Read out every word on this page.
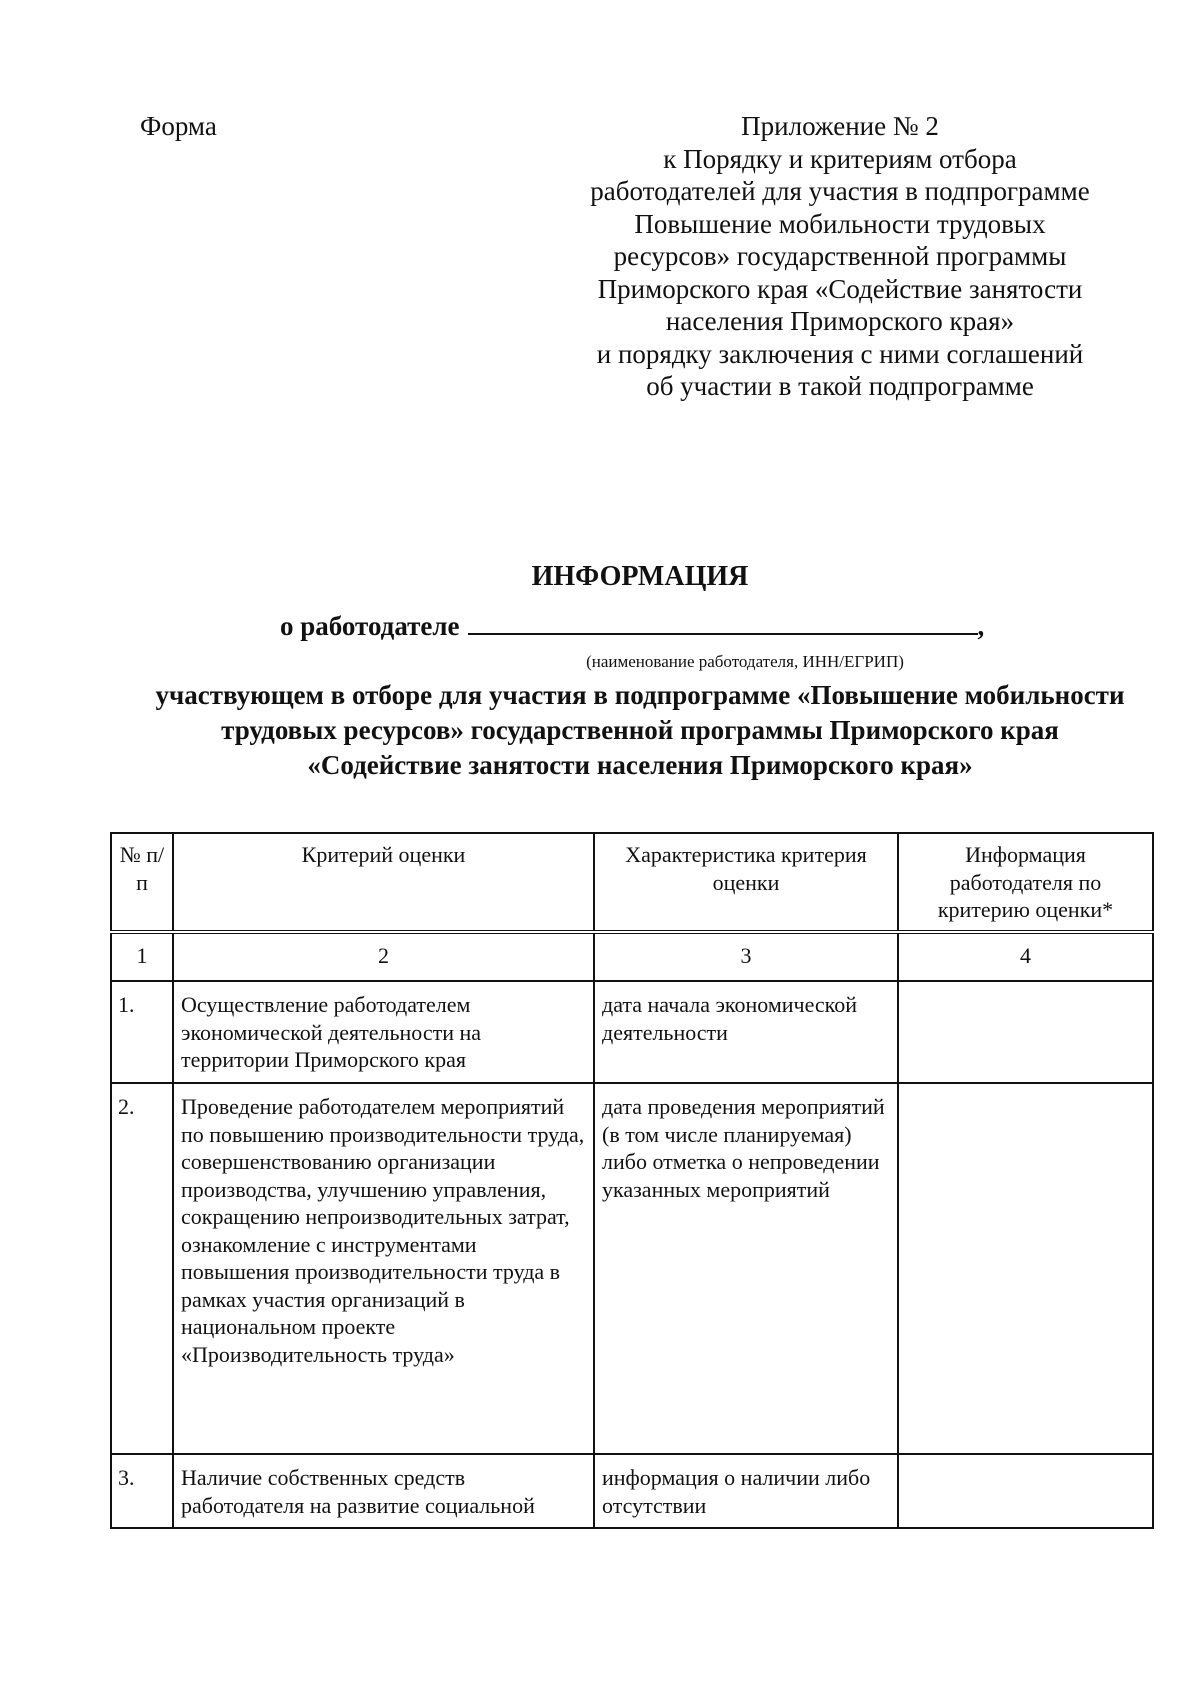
Форма	Приложение № 2
к Порядку и критериям отбора
работодателей для участия в подпрограмме
Повышение мобильности трудовых
ресурсов» государственной программы
Приморского края «Содействие занятости
населения Приморского края»
и порядку заключения с ними соглашений
об участии в такой подпрограмме
ИНФОРМАЦИЯ
о работодателе	,
(наименование работодателя, ИНН/ЕГРИП)
участвующем в отборе для участия в подпрограмме «Повышение мобильности
трудовых ресурсов» государственной программы Приморского края
«Содействие занятости населения Приморского края»
№ п/п	Критерий оценки	Характеристика критерия оценки	Информация работодателя по критерию оценки*
1	2	3	4
1.	Осуществление работодателем экономической деятельности на территории Приморского края	дата начала экономической деятельности	
2.	Проведение работодателем мероприятий по повышению производительности труда, совершенствованию организации производства, улучшению управления, сокращению непроизводительных затрат, ознакомление с инструментами повышения производительности труда в рамках участия организаций в национальном проекте «Производительность труда»	дата проведения мероприятий (в том числе планируемая) либо отметка о непроведении указанных мероприятий	
3.	Наличие собственных средств работодателя на развитие социальной	информация о наличии либо отсутствии	
